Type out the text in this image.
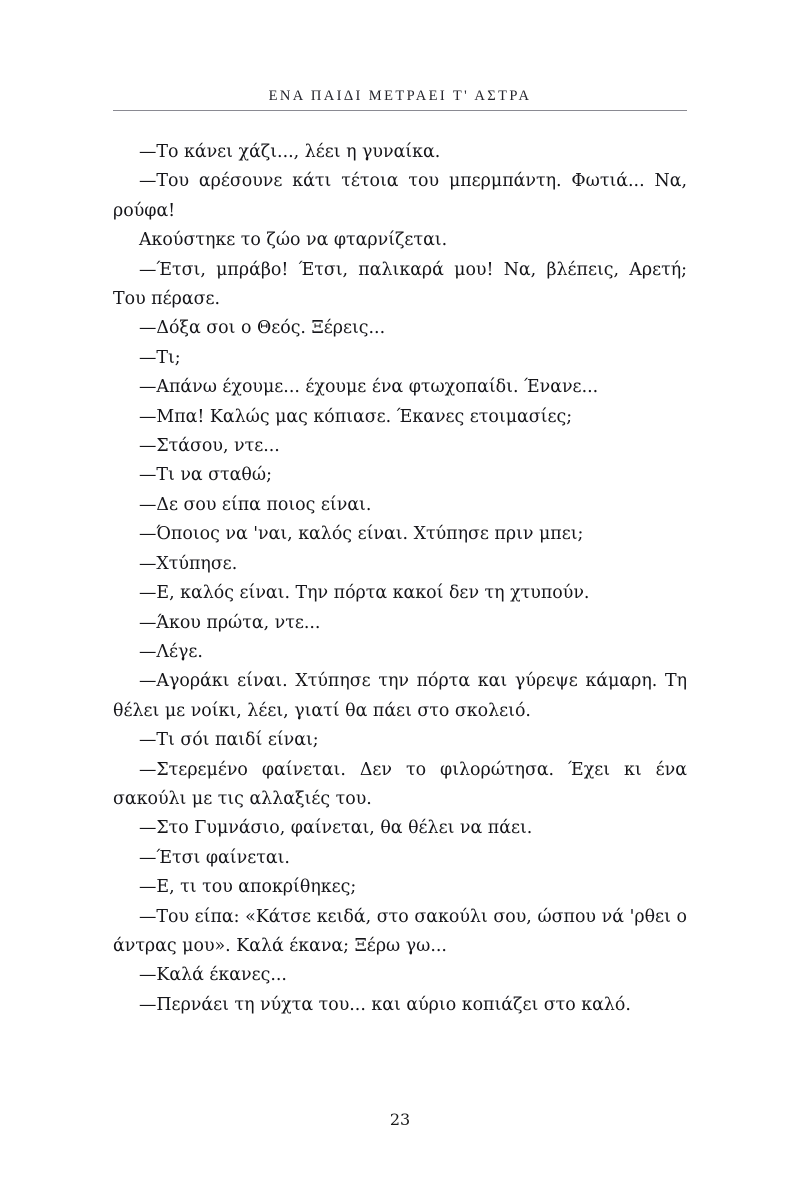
ΕΝΑ ΠΑΙΔΙ ΜΕΤΡΑΕΙ Τ' ΑΣΤΡΑ

—Το κάνει χάζι..., λέει η γυναίκα.

—Του αρέσουνε κάτι τέτοια του μπερμπάντη. Φωτιά... Να, ρούφα!

Ακούστηκε το ζώο να φταρνίζεται.

—Έτσι, μπράβο! Έτσι, παλικαρά μου! Να, βλέπεις, Αρετή; Του πέρασε.

—Δόξα σοι ο Θεός. Ξέρεις...

—Τι;

—Απάνω έχουμε... έχουμε ένα φτωχοπαίδι. Ένανε...

—Μπα! Καλώς μας κόπιασε. Έκανες ετοιμασίες;

—Στάσου, ντε...

—Τι να σταθώ;

—Δε σου είπα ποιος είναι.

—Όποιος να 'ναι, καλός είναι. Χτύπησε πριν μπει;

—Χτύπησε.

—Ε, καλός είναι. Την πόρτα κακοί δεν τη χτυπούν.

—Άκου πρώτα, ντε...

—Λέγε.

—Αγοράκι είναι. Χτύπησε την πόρτα και γύρεψε κάμαρη. Τη θέλει με νοίκι, λέει, γιατί θα πάει στο σκολειό.

—Τι σόι παιδί είναι;

—Στερεμένο φαίνεται. Δεν το φιλορώτησα. Έχει κι ένα σακούλι με τις αλλαξιές του.

—Στο Γυμνάσιο, φαίνεται, θα θέλει να πάει.

—Έτσι φαίνεται.

—Ε, τι του αποκρίθηκες;

—Του είπα: «Κάτσε κειδά, στο σακούλι σου, ώσπου νά 'ρθει ο άντρας μου». Καλά έκανα; Ξέρω γω...

—Καλά έκανες...

—Περνάει τη νύχτα του... και αύριο κοπιάζει στο καλό.

23
